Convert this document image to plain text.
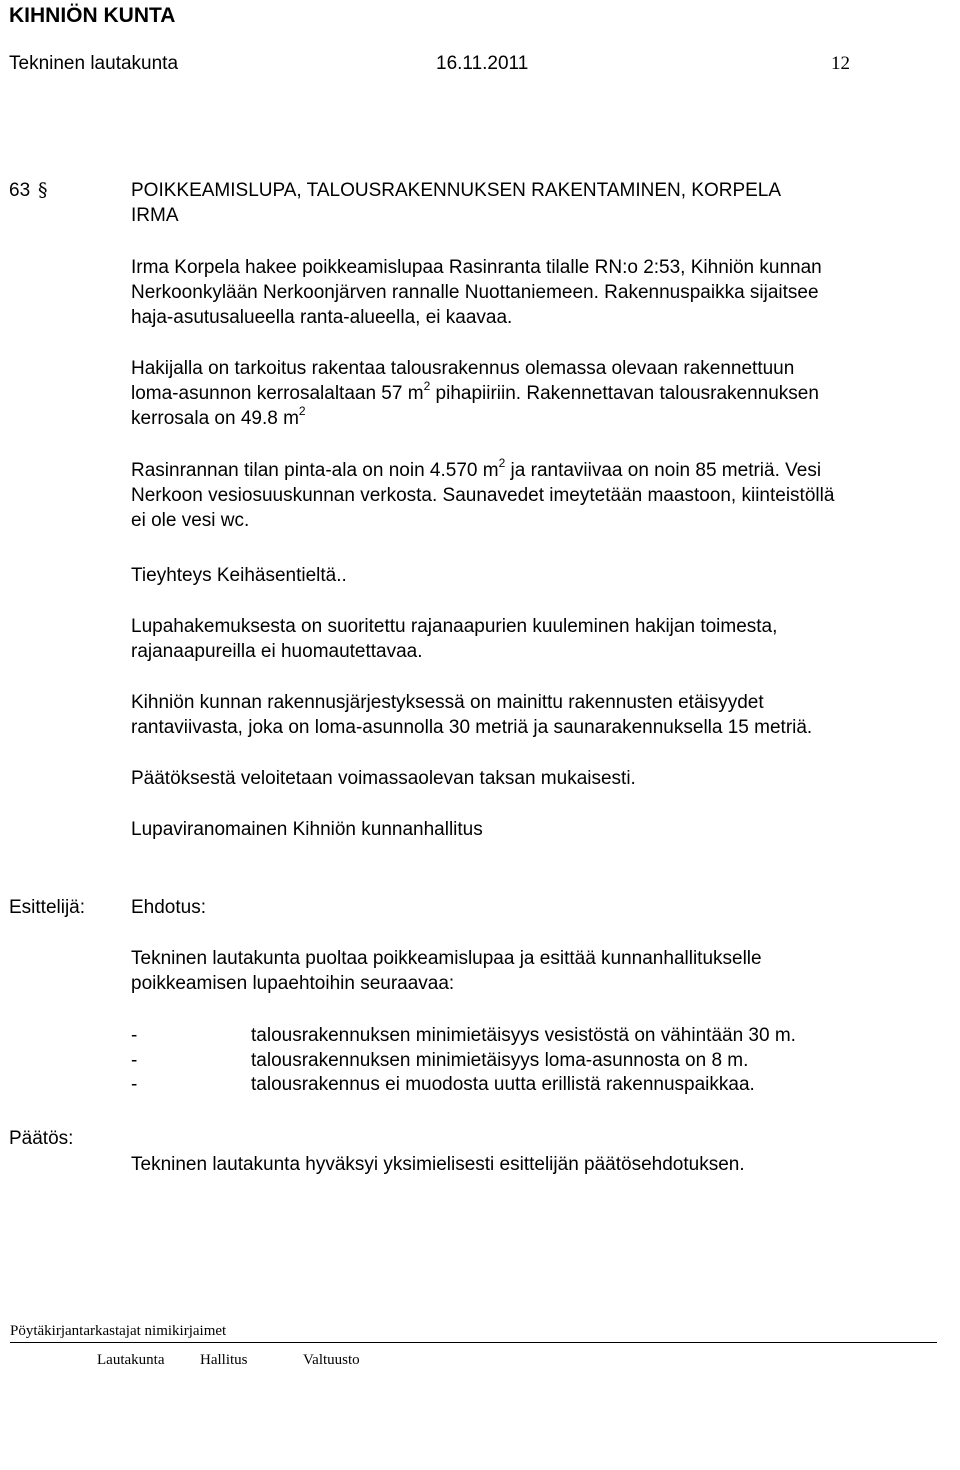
KIHNIÖN KUNTA
Tekninen lautakunta	16.11.2011	12
63 §	POIKKEAMISLUPA, TALOUSRAKENNUKSEN RAKENTAMINEN, KORPELA
IRMA
Irma Korpela hakee poikkeamislupaa Rasinranta tilalle RN:o 2:53, Kihniön kunnan
Nerkoonkylään Nerkoonjärven rannalle Nuottaniemeen. Rakennuspaikka sijaitsee
haja-asutusalueella ranta-alueella, ei kaavaa.
Hakijalla on tarkoitus rakentaa talousrakennus olemassa olevaan rakennettuun
loma-asunnon kerrosalaltaan 57 $m^2$ pihapiiriin. Rakennettavan talousrakennuksen
kerrosala on 49.8 $m^2$
Rasinrannan tilan pinta-ala on noin 4.570 $m^2$ ja rantaviivaa on noin 85 metriä. Vesi
Nerkoon vesiosuuskunnan verkosta. Saunavedet imeytetään maastoon, kiinteistöllä
ei ole vesi wc.
Tieyhteys Keihäsentieltä..
Lupahakemuksesta on suoritettu rajanaapurien kuuleminen hakijan toimesta,
rajanaapureilla ei huomautettavaa.
Kihniön kunnan rakennusjärjestyksessä on mainittu rakennusten etäisyydet
rantaviivasta, joka on loma-asunnolla 30 metriä ja saunarakennuksella 15 metriä.
Päätöksestä veloitetaan voimassaolevan taksan mukaisesti.
Lupaviranomainen Kihniön kunnanhallitus
Esittelijä: Ehdotus:
Tekninen lautakunta puoltaa poikkeamislupaa ja esittää kunnanhallitukselle
poikkeamisen lupaehtoihin seuraavaa:
-	talousrakennuksen minimietäisyys vesistöstä on vähintään 30 m.
-	talousrakennuksen minimietäisyys loma-asunnosta on 8 m.
-	talousrakennus ei muodosta uutta erillistä rakennuspaikkaa.
Päätös:
Tekninen lautakunta hyväksyi yksimielisesti esittelijän päätösehdotuksen.
Pöytäkirjantarkastajat nimikirjaimet
Lautakunta Hallitus	Valtuusto
